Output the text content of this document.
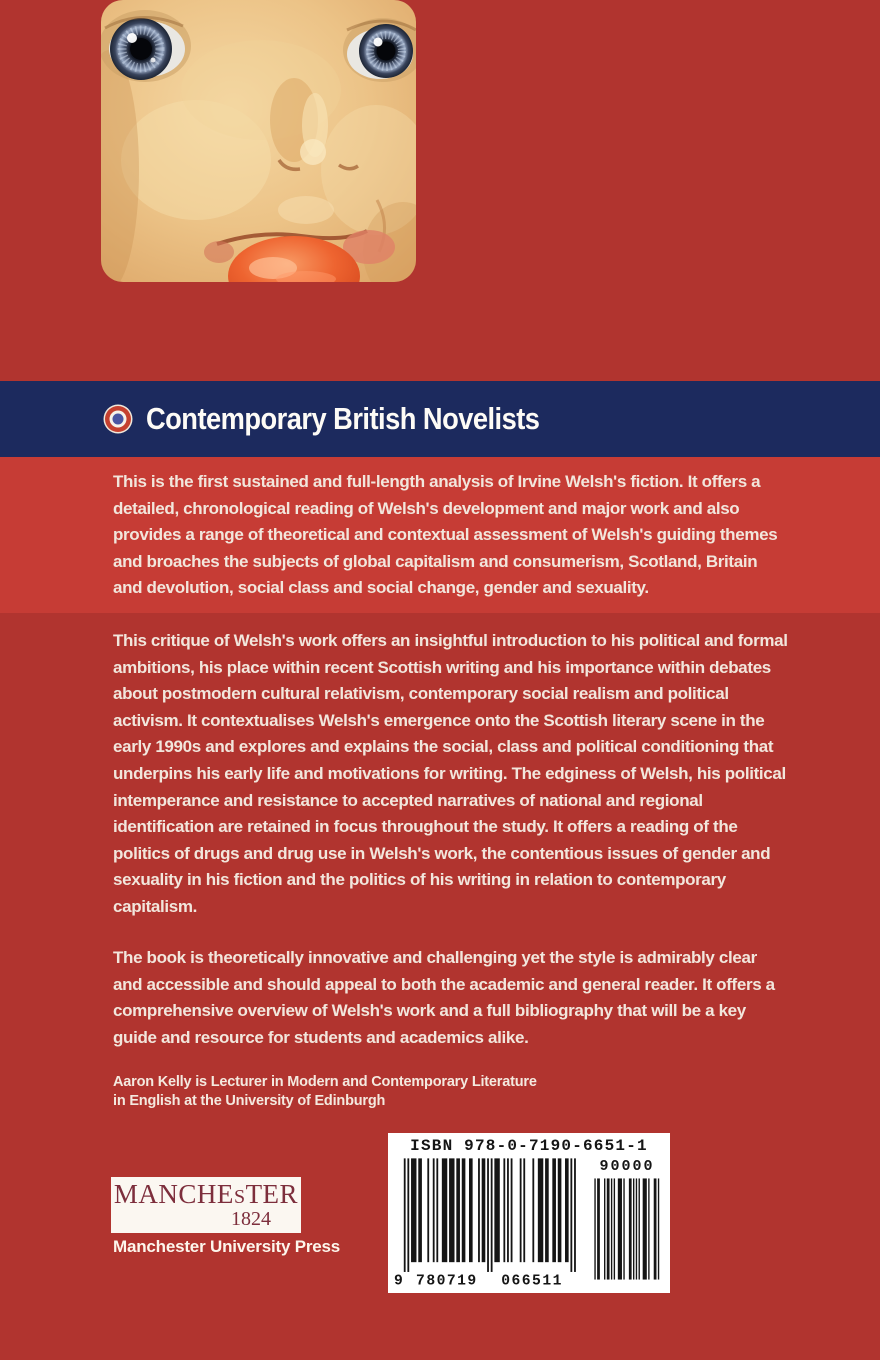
Contemporary British Novelists
This is the first sustained and full-length analysis of Irvine Welsh's fiction. It offers a detailed, chronological reading of Welsh's development and major work and also provides a range of theoretical and contextual assessment of Welsh's guiding themes and broaches the subjects of global capitalism and consumerism, Scotland, Britain and devolution, social class and social change, gender and sexuality.
This critique of Welsh's work offers an insightful introduction to his political and formal ambitions, his place within recent Scottish writing and his importance within debates about postmodern cultural relativism, contemporary social realism and political activism. It contextualises Welsh's emergence onto the Scottish literary scene in the early 1990s and explores and explains the social, class and political conditioning that underpins his early life and motivations for writing. The edginess of Welsh, his political intemperance and resistance to accepted narratives of national and regional identification are retained in focus throughout the study. It offers a reading of the politics of drugs and drug use in Welsh's work, the contentious issues of gender and sexuality in his fiction and the politics of his writing in relation to contemporary capitalism.
The book is theoretically innovative and challenging yet the style is admirably clear and accessible and should appeal to both the academic and general reader. It offers a comprehensive overview of Welsh's work and a full bibliography that will be a key guide and resource for students and academics alike.
Aaron Kelly is Lecturer in Modern and Contemporary Literature
in English at the University of Edinburgh
MANCHESTER
1824
Manchester University Press
ISBN 978-0-7190-6651-1
9 780719 066511
90000
